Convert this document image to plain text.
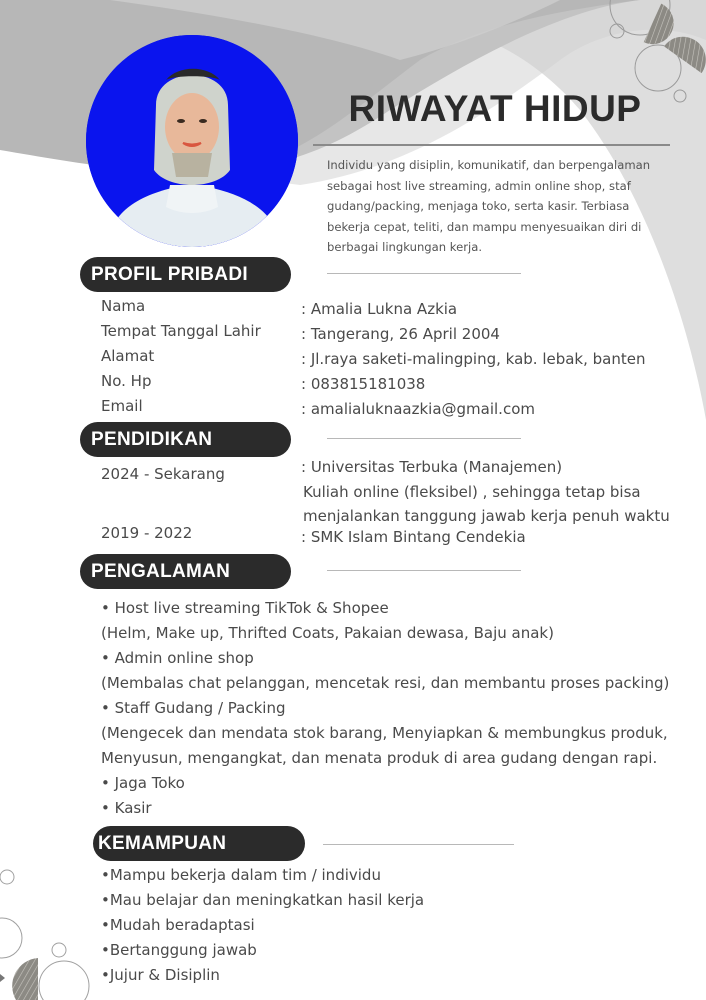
RIWAYAT HIDUP
Individu yang disiplin, komunikatif, dan berpengalaman
sebagai host live streaming, admin online shop, staf
gudang/packing, menjaga toko, serta kasir. Terbiasa
bekerja cepat, teliti, dan mampu menyesuaikan diri di
berbagai lingkungan kerja.
PROFIL PRIBADI
Nama
Tempat Tanggal Lahir
Alamat
No. Hp
Email
: Amalia Lukna Azkia
: Tangerang, 26 April 2004
: Jl.raya saketi-malingping, kab. lebak, banten
: 083815181038
: amalialuknaazkia@gmail.com
PENDIDIKAN
2024 - Sekarang	: Universitas Terbuka (Manajemen)
Kuliah online (fleksibel) , sehingga tetap bisa
menjalankan tanggung jawab kerja penuh waktu
2019 - 2022	: SMK Islam Bintang Cendekia
PENGALAMAN
• Host live streaming TikTok & Shopee
(Helm, Make up, Thrifted Coats, Pakaian dewasa, Baju anak)
• Admin online shop
(Membalas chat pelanggan, mencetak resi, dan membantu proses packing)
• Staff Gudang / Packing
(Mengecek dan mendata stok barang, Menyiapkan & membungkus produk,
Menyusun, mengangkat, dan menata produk di area gudang dengan rapi.
• Jaga Toko
• Kasir
KEMAMPUAN
•Mampu bekerja dalam tim / individu
•Mau belajar dan meningkatkan hasil kerja
•Mudah beradaptasi
•Bertanggung jawab
•Jujur & Disiplin
